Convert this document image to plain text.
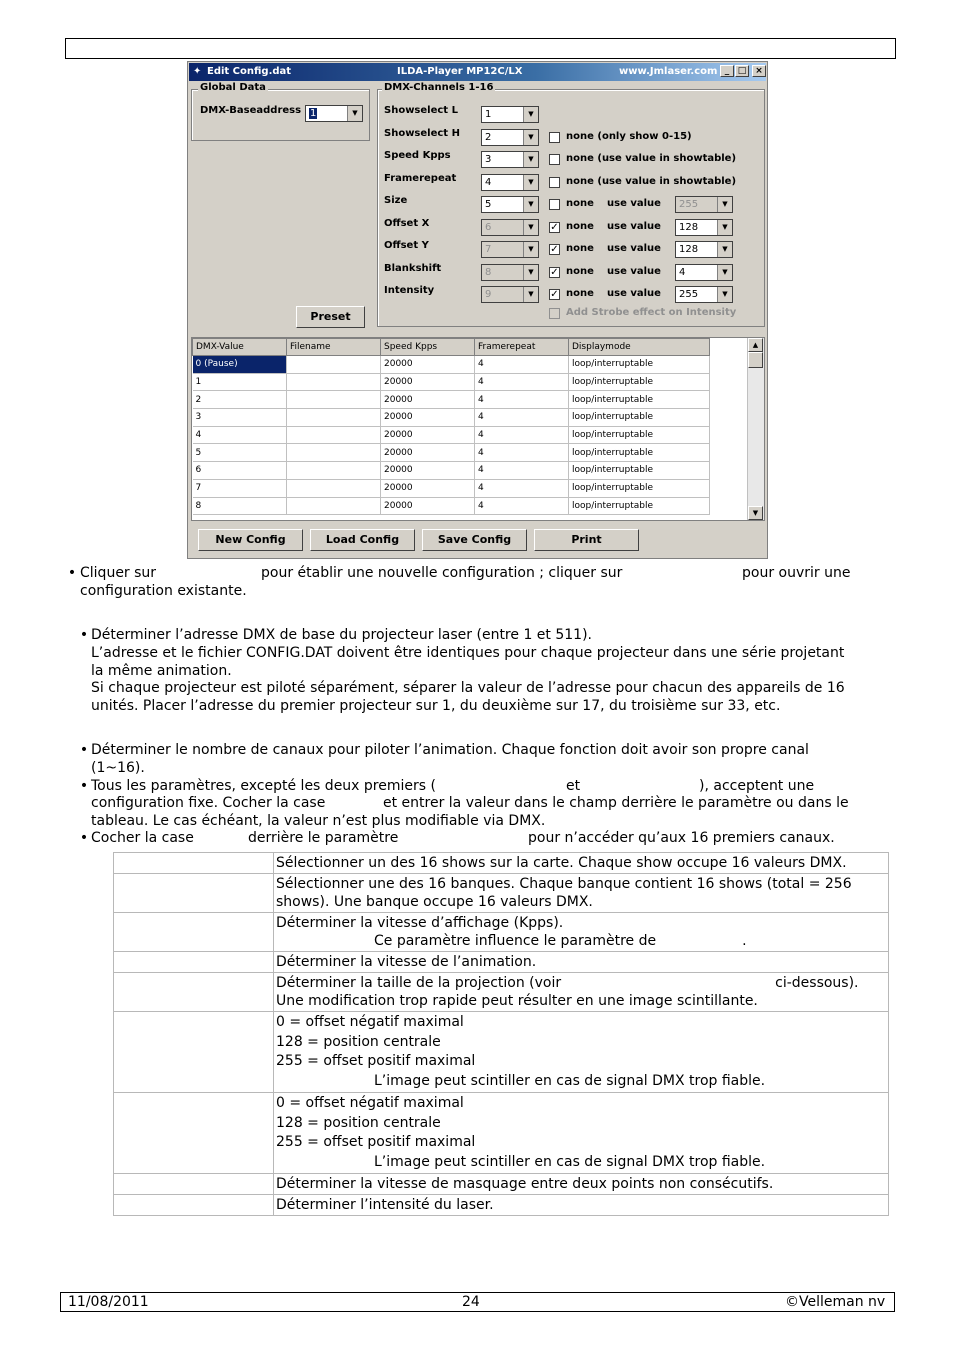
✦ Edit Config.dat	ILDA-Player MP12C/LX	www.Jmlaser.com _ □ ×
Global Data
DMX-Baseaddress 1	▼
Preset
DMX-Channels 1-16
Showselect L	1	▼
Showselect H	2	▼	none (only show 0-15)
Speed Kpps	3	▼	none (use value in showtable)
Framerepeat	4	▼	none (use value in showtable)
Size	5	▼	none use value 255	▼
Offset X	6	▼	✓ none use value 128	▼
Offset Y	7	▼	✓ none use value 128	▼
Blankshift	8	▼	✓ none use value 4	▼
Intensity	9	▼	✓ none use value 255	▼
Add Strobe effect on Intensity
DMX-Value	Filename	Speed Kpps	Framerepeat	Displaymode
0 (Pause)		20000	4	loop/interruptable
1		20000	4	loop/interruptable
2		20000	4	loop/interruptable
3		20000	4	loop/interruptable
4		20000	4	loop/interruptable
5		20000	4	loop/interruptable
6		20000	4	loop/interruptable
7		20000	4	loop/interruptable
8		20000	4	loop/interruptable
▲
▼
New Config	Load Config	Save Config	Print
• Cliquer sur	pour établir une nouvelle configuration ; cliquer sur	pour ouvrir une
configuration existante.
• Déterminer l’adresse DMX de base du projecteur laser (entre 1 et 511).
L’adresse et le fichier CONFIG.DAT doivent être identiques pour chaque projecteur dans une série projetant
la même animation.
Si chaque projecteur est piloté séparément, séparer la valeur de l’adresse pour chacun des appareils de 16
unités. Placer l’adresse du premier projecteur sur 1, du deuxième sur 17, du troisième sur 33, etc.
• Déterminer le nombre de canaux pour piloter l’animation. Chaque fonction doit avoir son propre canal
(1~16).
• Tous les paramètres, excepté les deux premiers (	et	), acceptent une
configuration fixe. Cocher la case	et entrer la valeur dans le champ derrière le paramètre ou dans le
tableau. Le cas échéant, la valeur n’est plus modifiable via DMX.
• Cocher la case	derrière le paramètre	pour n’accéder qu’aux 16 premiers canaux.
	Sélectionner un des 16 shows sur la carte. Chaque show occupe 16 valeurs DMX.
	Sélectionner une des 16 banques. Chaque banque contient 16 shows (total = 256 shows). Une banque occupe 16 valeurs DMX.

	Déterminer la vitesse d’affichage (Kpps).
Ce paramètre influence le paramètre de .

	Déterminer la vitesse de l’animation.

	Déterminer la taille de la projection (voir ci-dessous).
Une modification trop rapide peut résulter en une image scintillante.

	0 = offset négatif maximal
128 = position centrale
255 = offset positif maximal
L’image peut scintiller en cas de signal DMX trop fiable.

	0 = offset négatif maximal
128 = position centrale
255 = offset positif maximal
L’image peut scintiller en cas de signal DMX trop fiable.

	Déterminer la vitesse de masquage entre deux points non consécutifs.
	Déterminer l’intensité du laser.
11/08/2011	24	©Velleman nv
